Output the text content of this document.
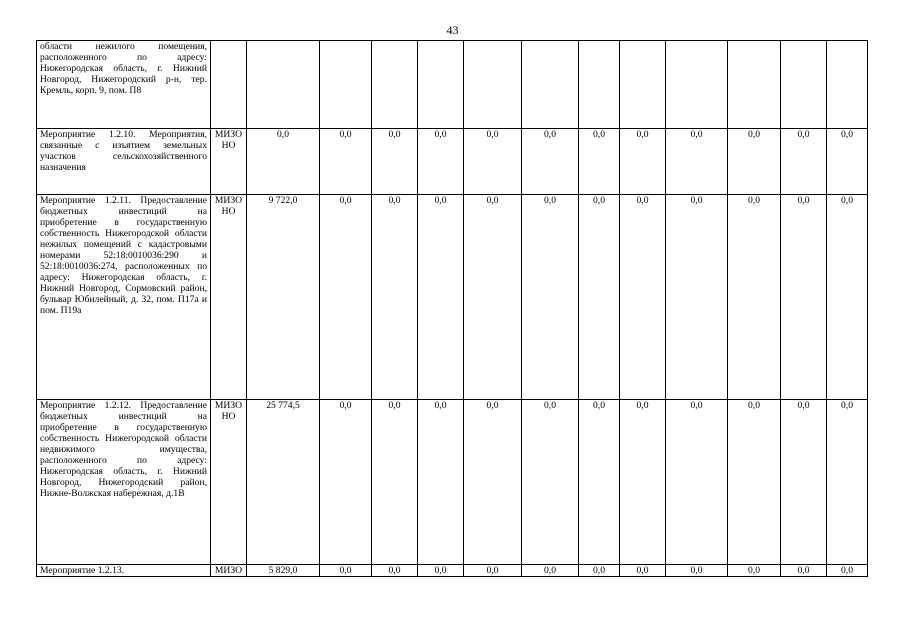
43
области нежилого помещения, расположенного по адресу: Нижегородская область, г. Нижний Новгород, Нижегородский р-н, тер. Кремль, корп. 9, пом. П8														
Мероприятие 1.2.10. Мероприятия, связанные с изъятием земельных участков сельскохозяйственного назначения	МИЗО НО	0,0	0,0	0,0	0,0	0,0	0,0	0,0	0,0	0,0	0,0	0,0	0,0	
Мероприятие 1.2.11. Предоставление бюджетных инвестиций на приобретение в государственную собственность Нижегородской области нежилых помещений с кадастровыми номерами 52:18:0010036:290 и 52:18:0010036:274, расположенных по адресу: Нижегородская область, г. Нижний Новгород, Сормовский район, бульвар Юбилейный, д. 32, пом. П17а и пом. П19а	МИЗО НО	9 722,0	0,0	0,0	0,0	0,0	0,0	0,0	0,0	0,0	0,0	0,0	0,0	
Мероприятие 1.2.12. Предоставление бюджетных инвестиций на приобретение в государственную собственность Нижегородской области недвижимого имущества, расположенного по адресу: Нижегородская область, г. Нижний Новгород, Нижегородский район, Нижне-Волжская набережная, д.1В	МИЗО НО	25 774,5	0,0	0,0	0,0	0,0	0,0	0,0	0,0	0,0	0,0	0,0	0,0	
Мероприятие 1.2.13.	МИЗО	5 829,0	0,0	0,0	0,0	0,0	0,0	0,0	0,0	0,0	0,0	0,0	0,0	
